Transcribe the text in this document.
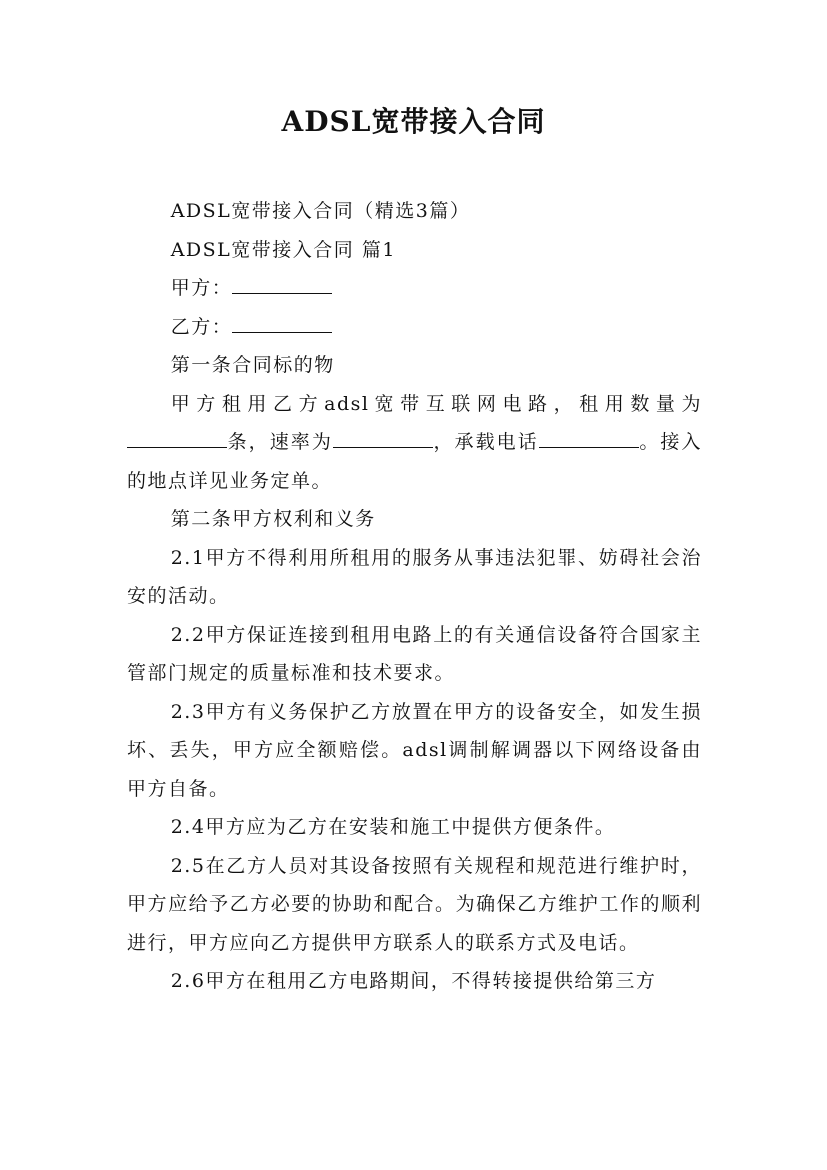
ADSL宽带接入合同

ADSL宽带接入合同（精选3篇）

ADSL宽带接入合同 篇1

甲方：

乙方：

第一条合同标的物

甲方租用乙方adsl宽带互联网电路，租用数量为条，速率为	，承载电话	。接入的地点详见业务定单。

第二条甲方权利和义务

2.1甲方不得利用所租用的服务从事违法犯罪、妨碍社会治安的活动。

2.2甲方保证连接到租用电路上的有关通信设备符合国家主管部门规定的质量标准和技术要求。

2.3甲方有义务保护乙方放置在甲方的设备安全，如发生损坏、丢失，甲方应全额赔偿。adsl调制解调器以下网络设备由甲方自备。

2.4甲方应为乙方在安装和施工中提供方便条件。

2.5在乙方人员对其设备按照有关规程和规范进行维护时，甲方应给予乙方必要的协助和配合。为确保乙方维护工作的顺利进行，甲方应向乙方提供甲方联系人的联系方式及电话。

2.6甲方在租用乙方电路期间，不得转接提供给第三方
